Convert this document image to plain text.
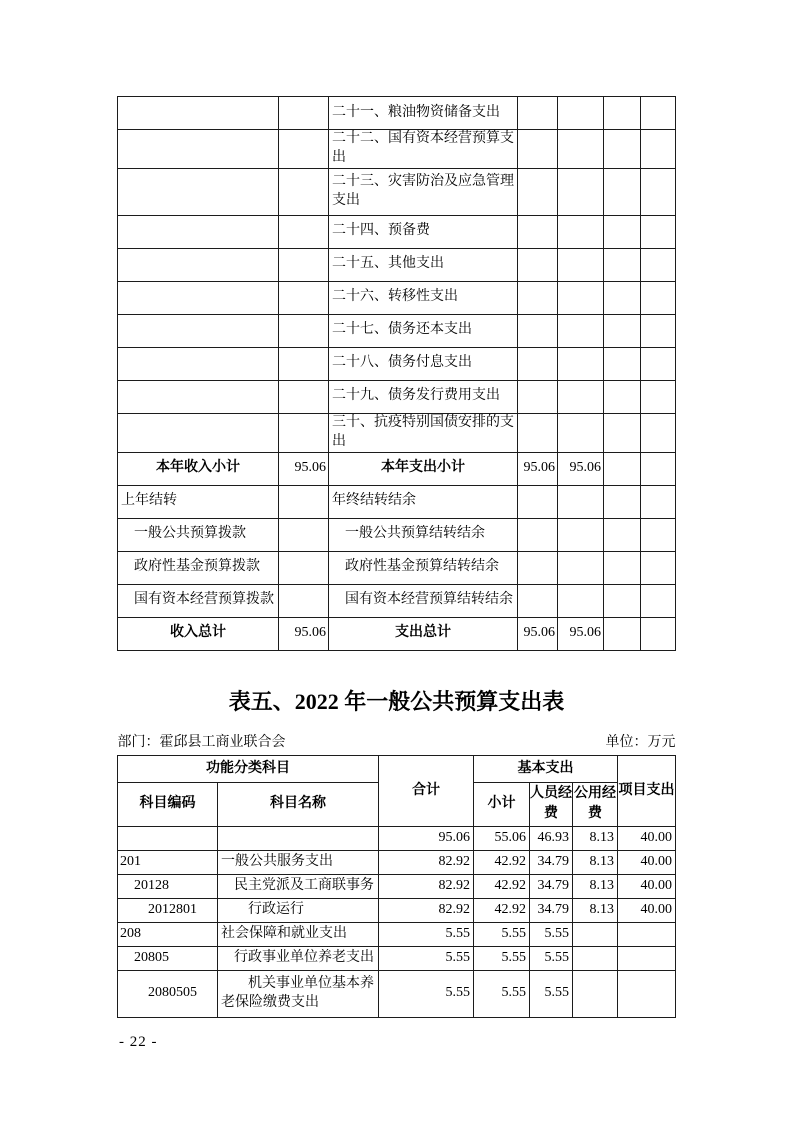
		二十一、粮油物资储备支出				
		二十二、国有资本经营预算支出				
		二十三、灾害防治及应急管理支出				
		二十四、预备费				
		二十五、其他支出				
		二十六、转移性支出				
		二十七、债务还本支出				
		二十八、债务付息支出				
		二十九、债务发行费用支出				
		三十、抗疫特别国债安排的支出				
本年收入小计	95.06	本年支出小计	95.06	95.06		
上年结转		年终结转结余				
一般公共预算拨款		一般公共预算结转结余				
政府性基金预算拨款		政府性基金预算结转结余				
国有资本经营预算拨款		国有资本经营预算结转结余				
收入总计	95.06	支出总计	95.06	95.06		
表五、2022 年一般公共预算支出表
部门：霍邱县工商业联合会	单位：万元
功能分类科目		合计	基本支出			项目支出
科目编码	科目名称		小计	人员经费	公用经费	
		95.06	55.06	46.93	8.13	40.00
201	一般公共服务支出	82.92	42.92	34.79	8.13	40.00
20128	民主党派及工商联事务	82.92	42.92	34.79	8.13	40.00
2012801	行政运行	82.92	42.92	34.79	8.13	40.00
208	社会保障和就业支出	5.55	5.55	5.55		
20805	行政事业单位养老支出	5.55	5.55	5.55		
2080505	机关事业单位基本养老保险缴费支出	5.55	5.55	5.55		
- 22 -
